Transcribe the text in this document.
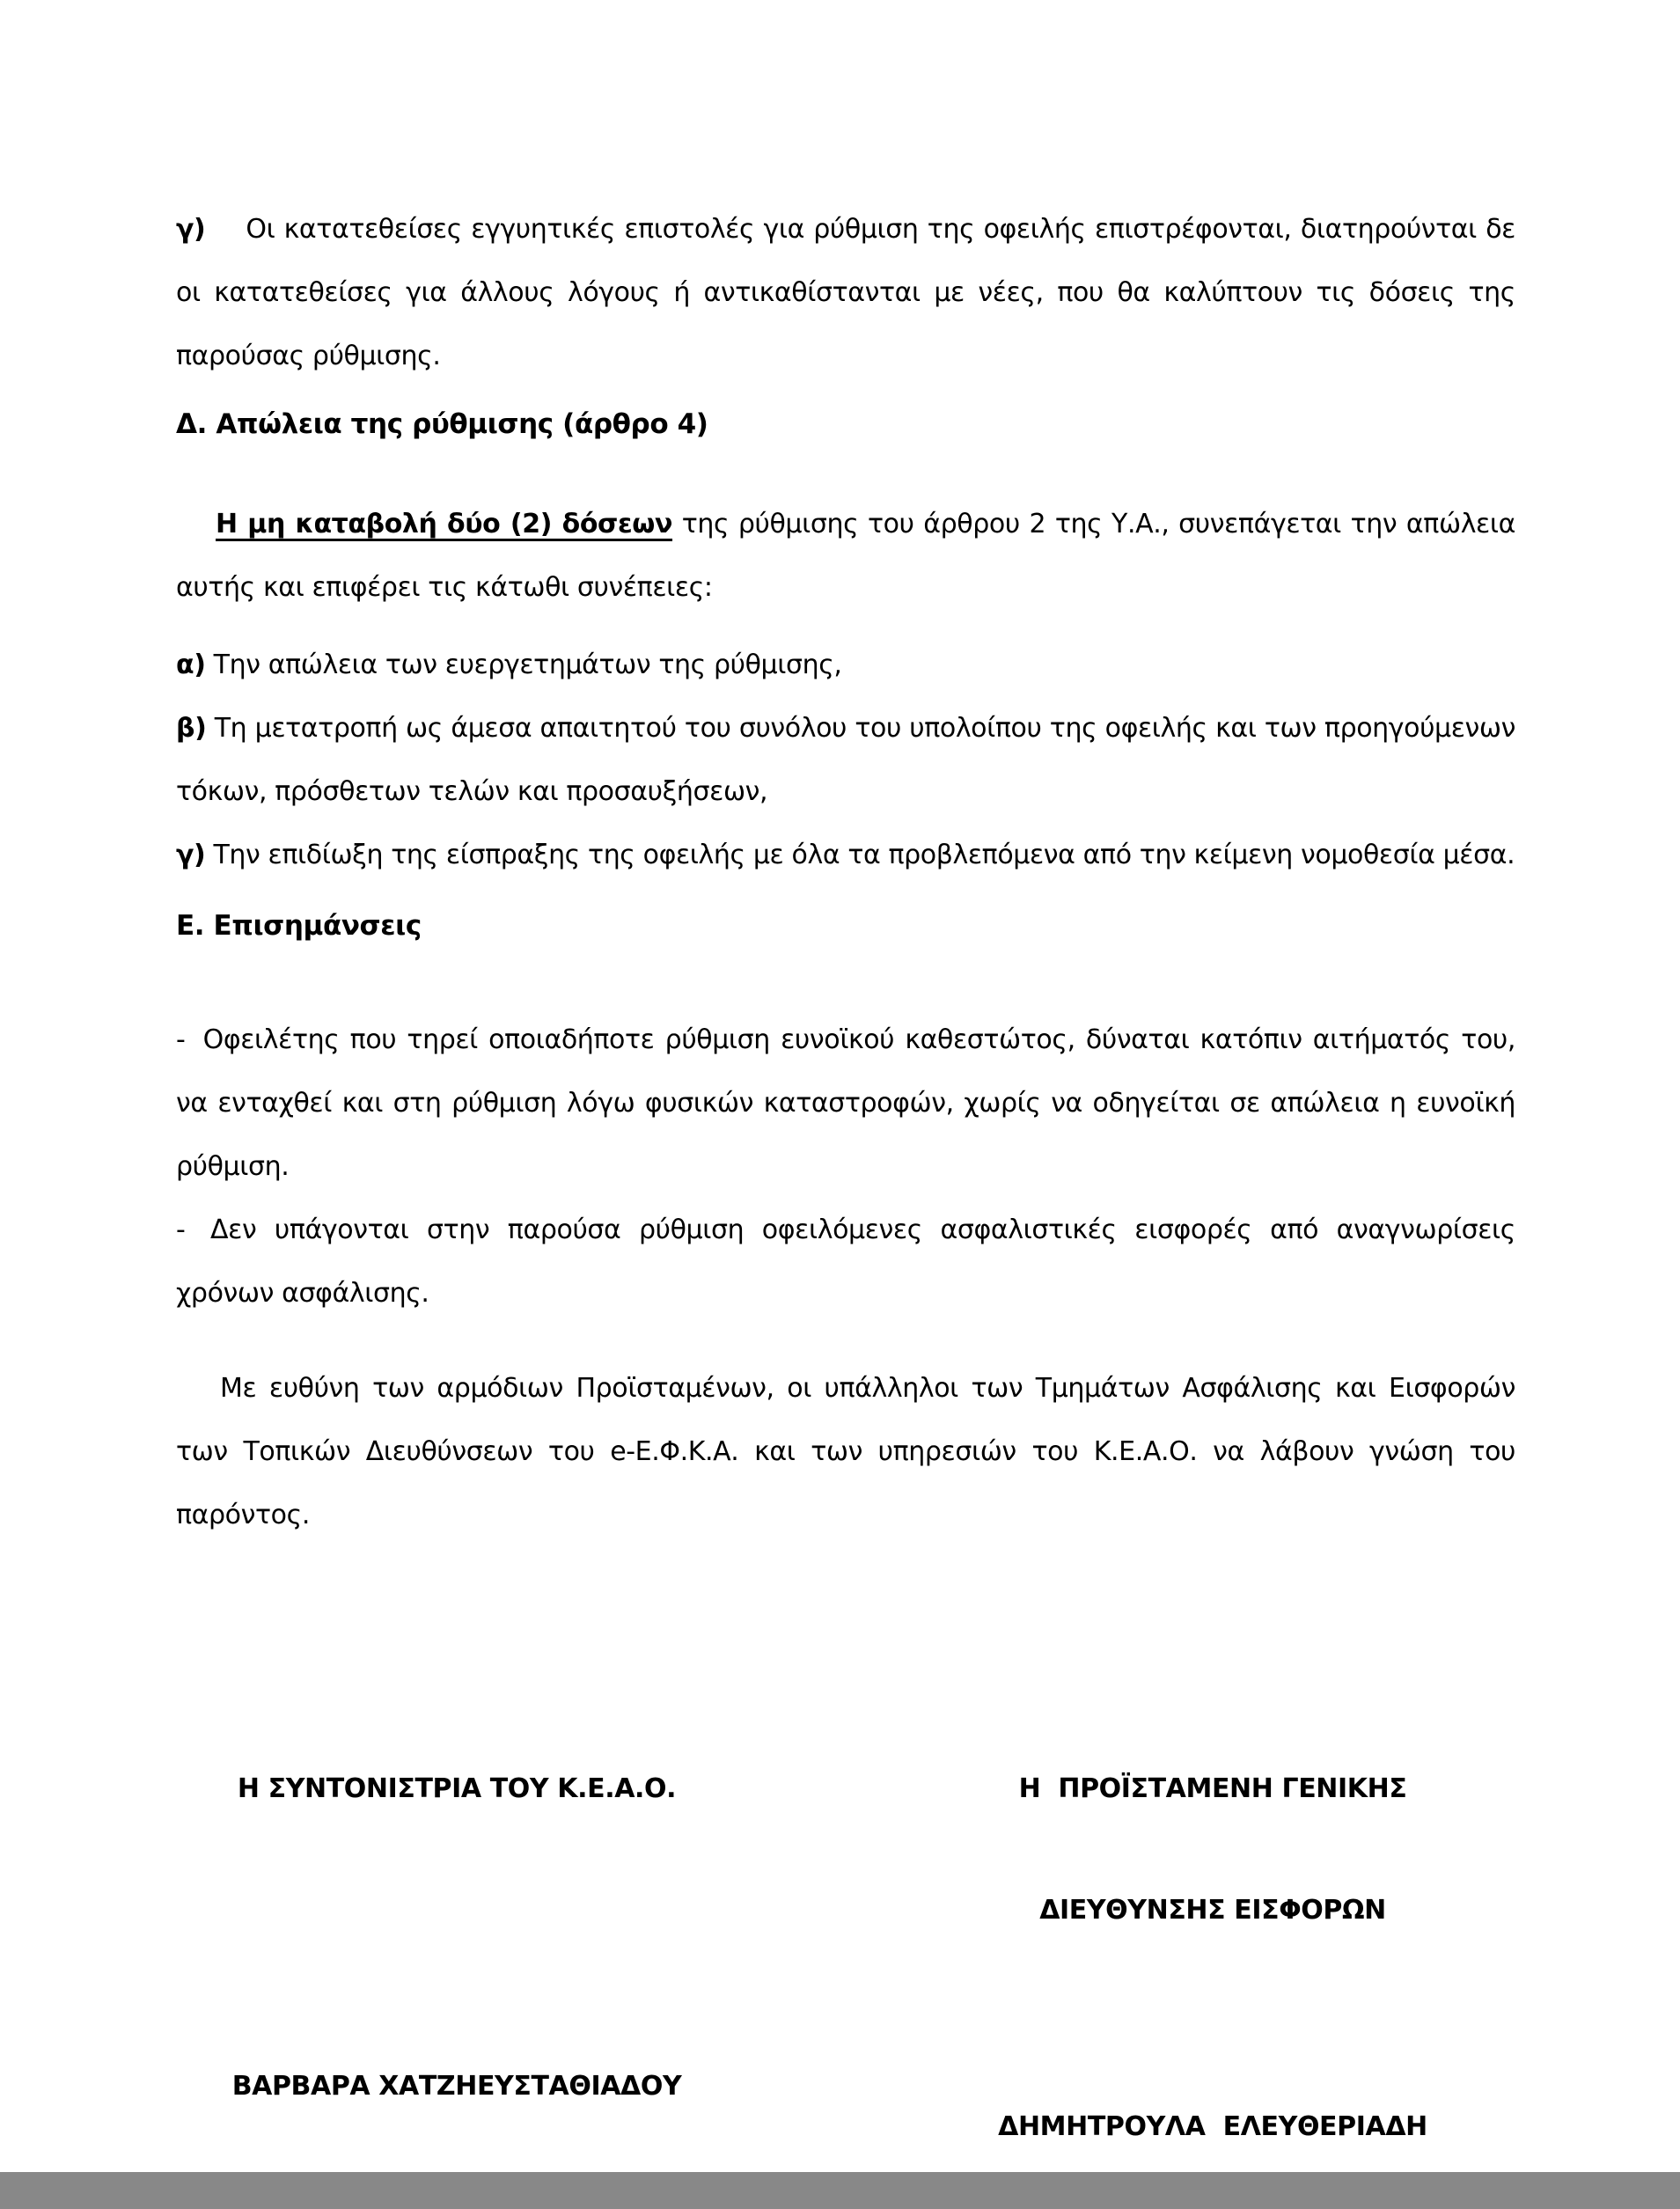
γ) Οι κατατεθείσες εγγυητικές επιστολές για ρύθμιση της οφειλής επιστρέφονται, διατηρούνται δε οι κατατεθείσες για άλλους λόγους ή αντικαθίστανται με νέες, που θα καλύπτουν τις δόσεις της παρούσας ρύθμισης.

Δ. Απώλεια της ρύθμισης (άρθρο 4)

Η μη καταβολή δύο (2) δόσεων της ρύθμισης του άρθρου 2 της Υ.Α., συνεπάγεται την απώλεια αυτής και επιφέρει τις κάτωθι συνέπειες:

α) Την απώλεια των ευεργετημάτων της ρύθμισης,

β) Τη μετατροπή ως άμεσα απαιτητού του συνόλου του υπολοίπου της οφειλής και των προηγούμενων τόκων, πρόσθετων τελών και προσαυξήσεων,

γ) Την επιδίωξη της είσπραξης της οφειλής με όλα τα προβλεπόμενα από την κείμενη νομοθεσία μέσα.

Ε. Επισημάνσεις

- Οφειλέτης που τηρεί οποιαδήποτε ρύθμιση ευνοϊκού καθεστώτος, δύναται κατόπιν αιτήματός του, να ενταχθεί και στη ρύθμιση λόγω φυσικών καταστροφών, χωρίς να οδηγείται σε απώλεια η ευνοϊκή ρύθμιση.

- Δεν υπάγονται στην παρούσα ρύθμιση οφειλόμενες ασφαλιστικές εισφορές από αναγνωρίσεις χρόνων ασφάλισης.

Με ευθύνη των αρμόδιων Προϊσταμένων, οι υπάλληλοι των Τμημάτων Ασφάλισης και Εισφορών των Τοπικών Διευθύνσεων του e-Ε.Φ.Κ.Α. και των υπηρεσιών του Κ.Ε.Α.Ο. να λάβουν γνώση του παρόντος.

Η ΣΥΝΤΟΝΙΣΤΡΙΑ ΤΟΥ Κ.Ε.Α.Ο.

ΒΑΡΒΑΡΑ ΧΑΤΖΗΕΥΣΤΑΘΙΑΔΟΥ

Η  ΠΡΟΪΣΤΑΜΕΝΗ ΓΕΝΙΚΗΣ

ΔΙΕΥΘΥΝΣΗΣ ΕΙΣΦΟΡΩΝ

ΔΗΜΗΤΡΟΥΛΑ  ΕΛΕΥΘΕΡΙΑΔΗ
